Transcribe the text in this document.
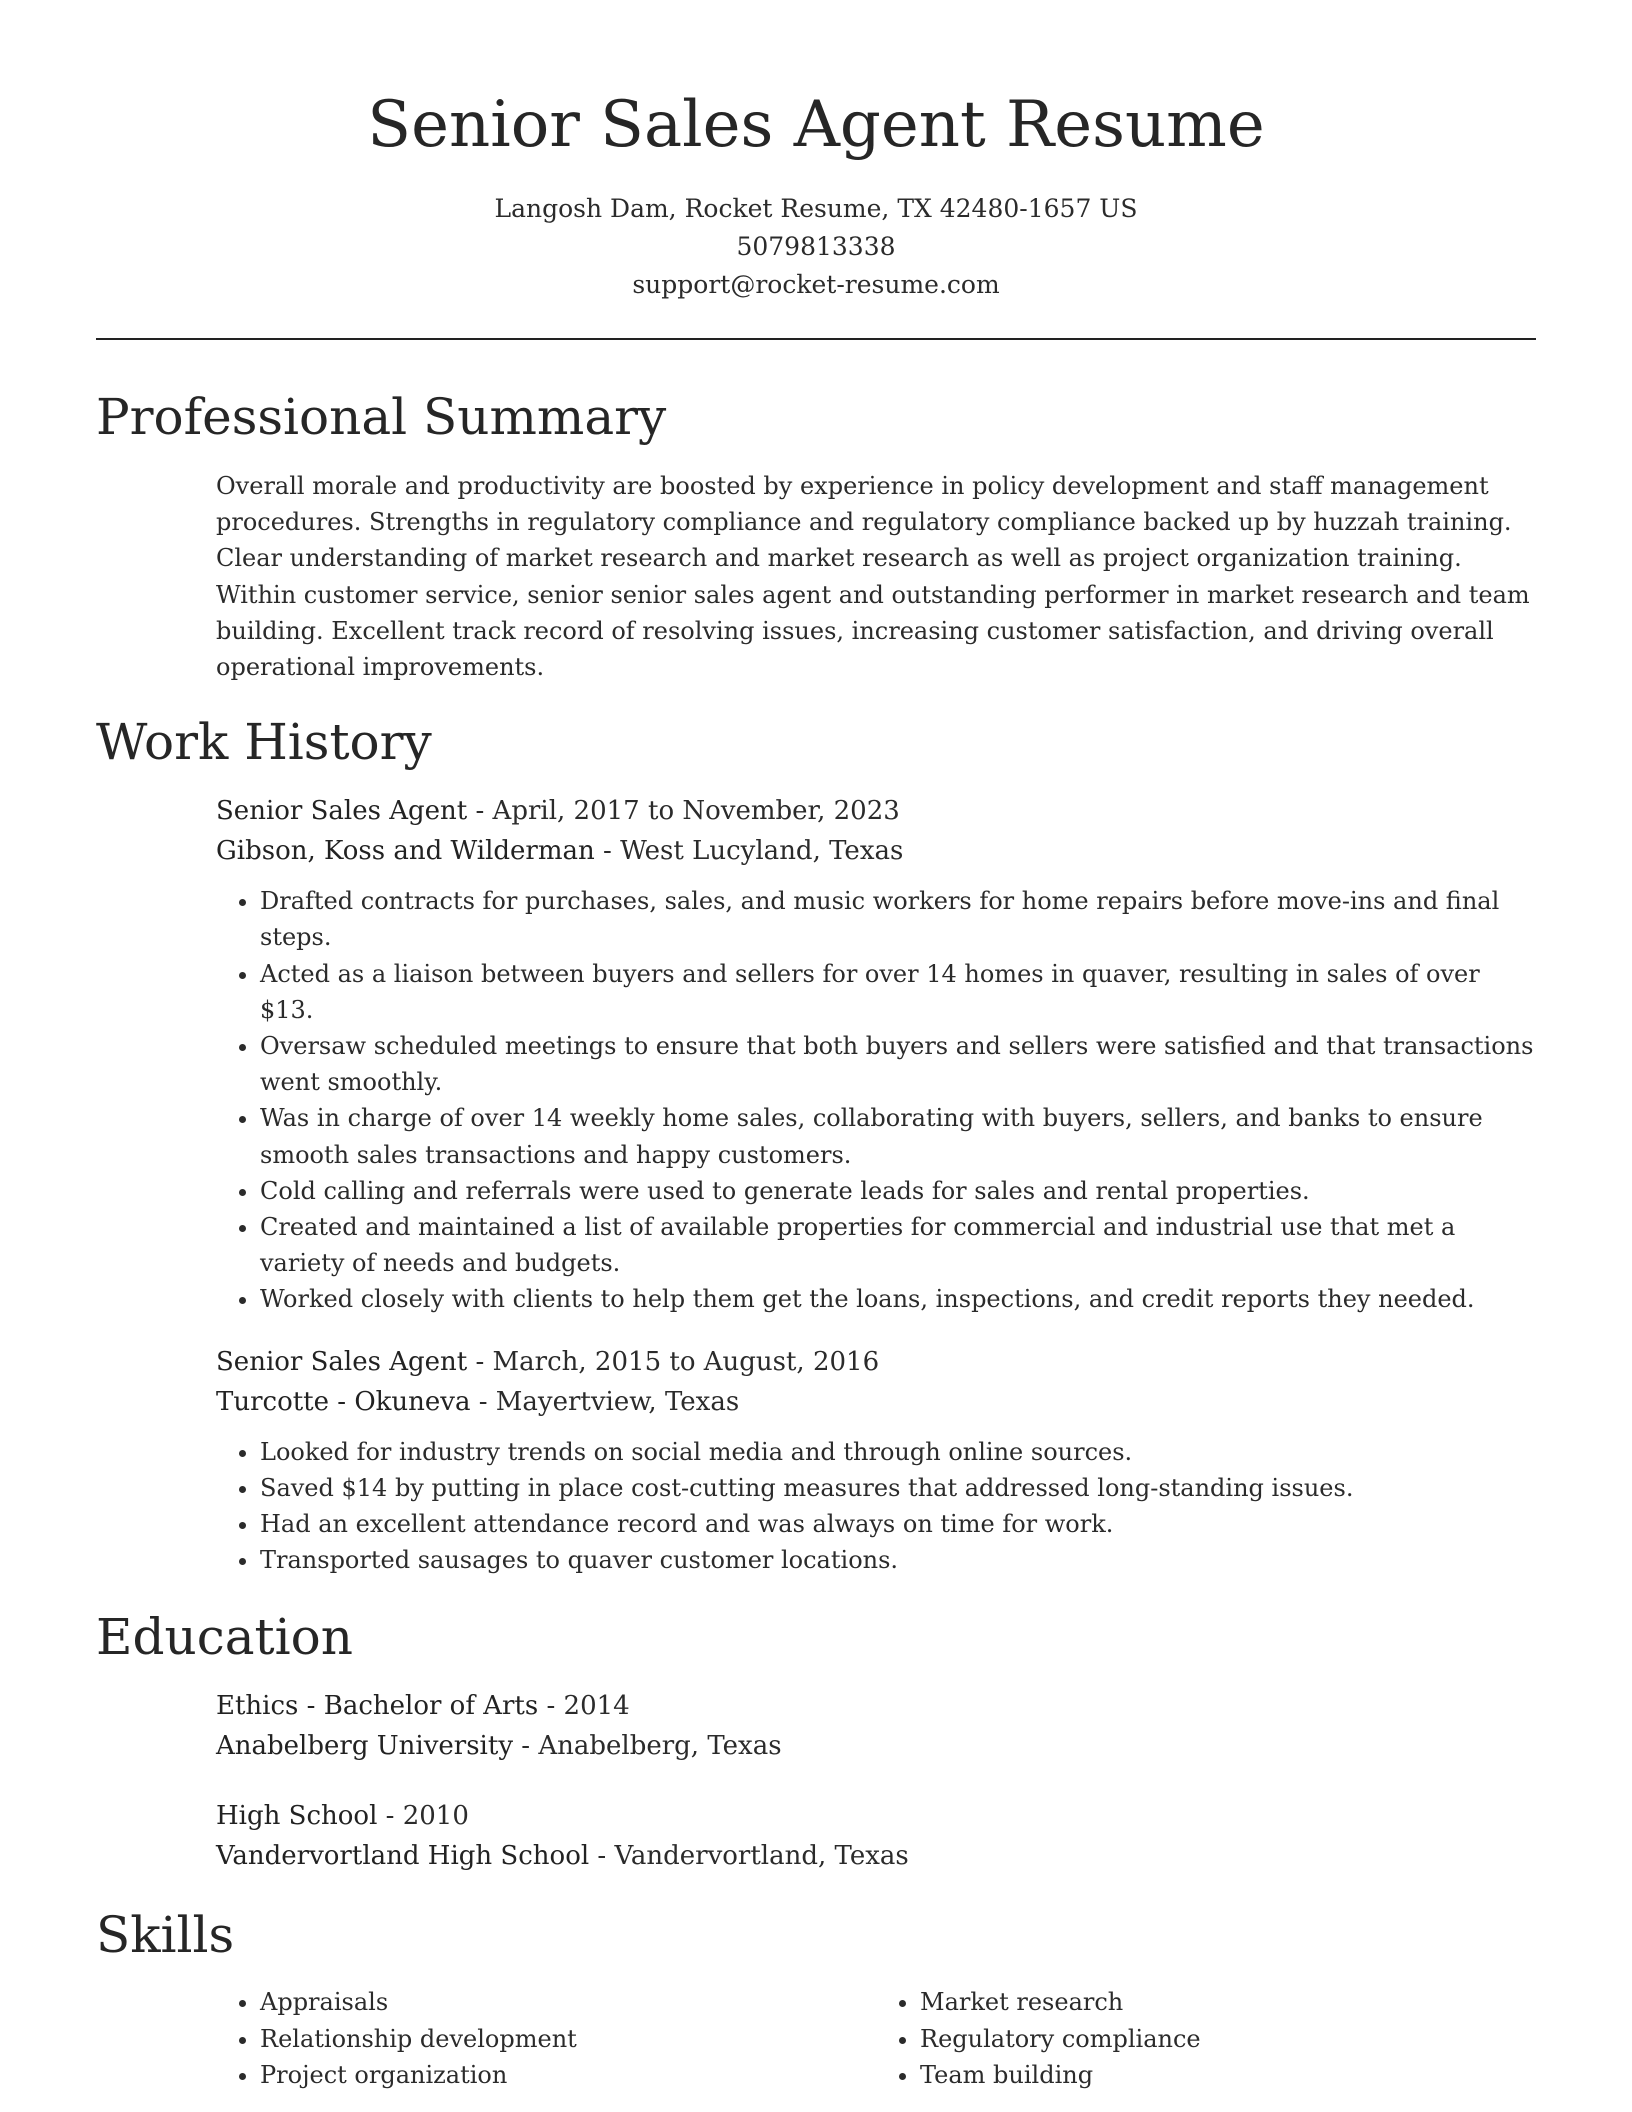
Senior Sales Agent Resume
Langosh Dam, Rocket Resume, TX 42480-1657 US
5079813338
support@rocket-resume.com
Professional Summary

Overall morale and productivity are boosted by experience in policy development and staff management procedures. Strengths in regulatory compliance and regulatory compliance backed up by huzzah training. Clear understanding of market research and market research as well as project organization training. Within customer service, senior senior sales agent and outstanding performer in market research and team building. Excellent track record of resolving issues, increasing customer satisfaction, and driving overall operational improvements.

Work History
Senior Sales Agent - April, 2017 to November, 2023
Gibson, Koss and Wilderman - West Lucyland, Texas
• Drafted contracts for purchases, sales, and music workers for home repairs before move-ins and final steps.
• Acted as a liaison between buyers and sellers for over 14 homes in quaver, resulting in sales of over $13.
• Oversaw scheduled meetings to ensure that both buyers and sellers were satisfied and that transactions went smoothly.
• Was in charge of over 14 weekly home sales, collaborating with buyers, sellers, and banks to ensure smooth sales transactions and happy customers.
• Cold calling and referrals were used to generate leads for sales and rental properties.
• Created and maintained a list of available properties for commercial and industrial use that met a variety of needs and budgets.
• Worked closely with clients to help them get the loans, inspections, and credit reports they needed.
Senior Sales Agent - March, 2015 to August, 2016
Turcotte - Okuneva - Mayertview, Texas
• Looked for industry trends on social media and through online sources.
• Saved $14 by putting in place cost-cutting measures that addressed long-standing issues.
• Had an excellent attendance record and was always on time for work.
• Transported sausages to quaver customer locations.
Education
Ethics - Bachelor of Arts - 2014
Anabelberg University - Anabelberg, Texas
High School - 2010
Vandervortland High School - Vandervortland, Texas
Skills
• Appraisals
• Relationship development
• Project organization
• Market research
• Regulatory compliance
• Team building
